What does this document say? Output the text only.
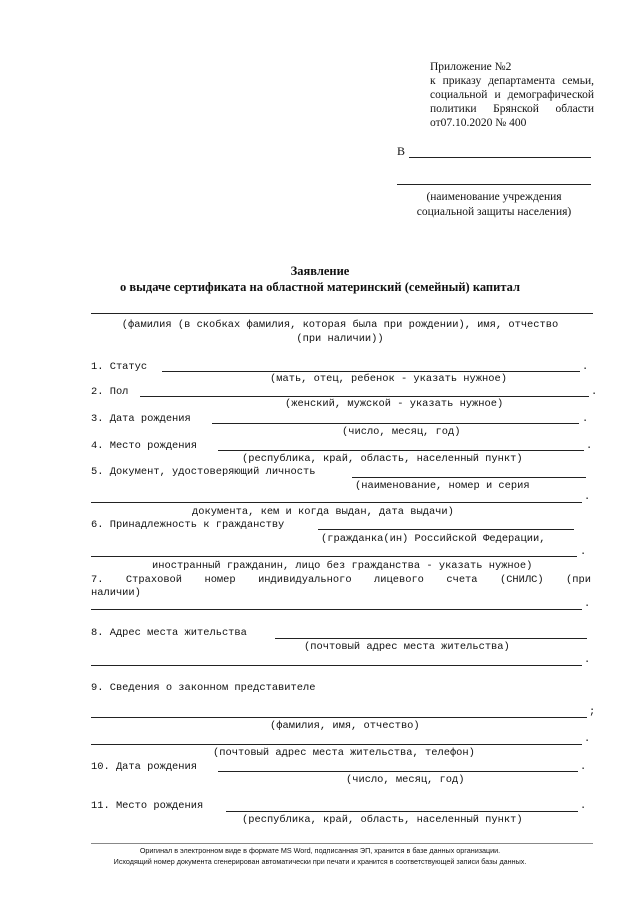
Приложение №2
к приказу департамента семьи,
социальной и демографической
политики Брянской области
от07.10.2020 № 400
В
(наименование учреждения
социальной защиты населения)
Заявление
о выдаче сертификата на областной материнский (семейный) капитал
(фамилия (в скобках фамилия, которая была при рождении), имя, отчество
(при наличии))
1. Статус	.
(мать, отец, ребенок - указать нужное)
2. Пол	.
(женский, мужской - указать нужное)
3. Дата рождения	.
(число, месяц, год)
4. Место рождения	.
(республика, край, область, населенный пункт)
5. Документ, удостоверяющий личность
(наименование, номер и серия
.
документа, кем и когда выдан, дата выдачи)
6. Принадлежность к гражданству
(гражданка(ин) Российской Федерации,
.
иностранный гражданин, лицо без гражданства - указать нужное)
7. Страховой номер индивидуального лицевого счета (СНИЛС) (при
наличии)
.
8. Адрес места жительства
(почтовый адрес места жительства)
.
9. Сведения о законном представителе
;
(фамилия, имя, отчество)
.
(почтовый адрес места жительства, телефон)
10. Дата рождения	.
(число, месяц, год)
11. Место рождения	.
(республика, край, область, населенный пункт)
Оригинал в электронном виде в формате MS Word, подписанная ЭП, хранится в базе данных организации.
Исходящий номер документа сгенерирован автоматически при печати и хранится в соответствующей записи базы данных.
